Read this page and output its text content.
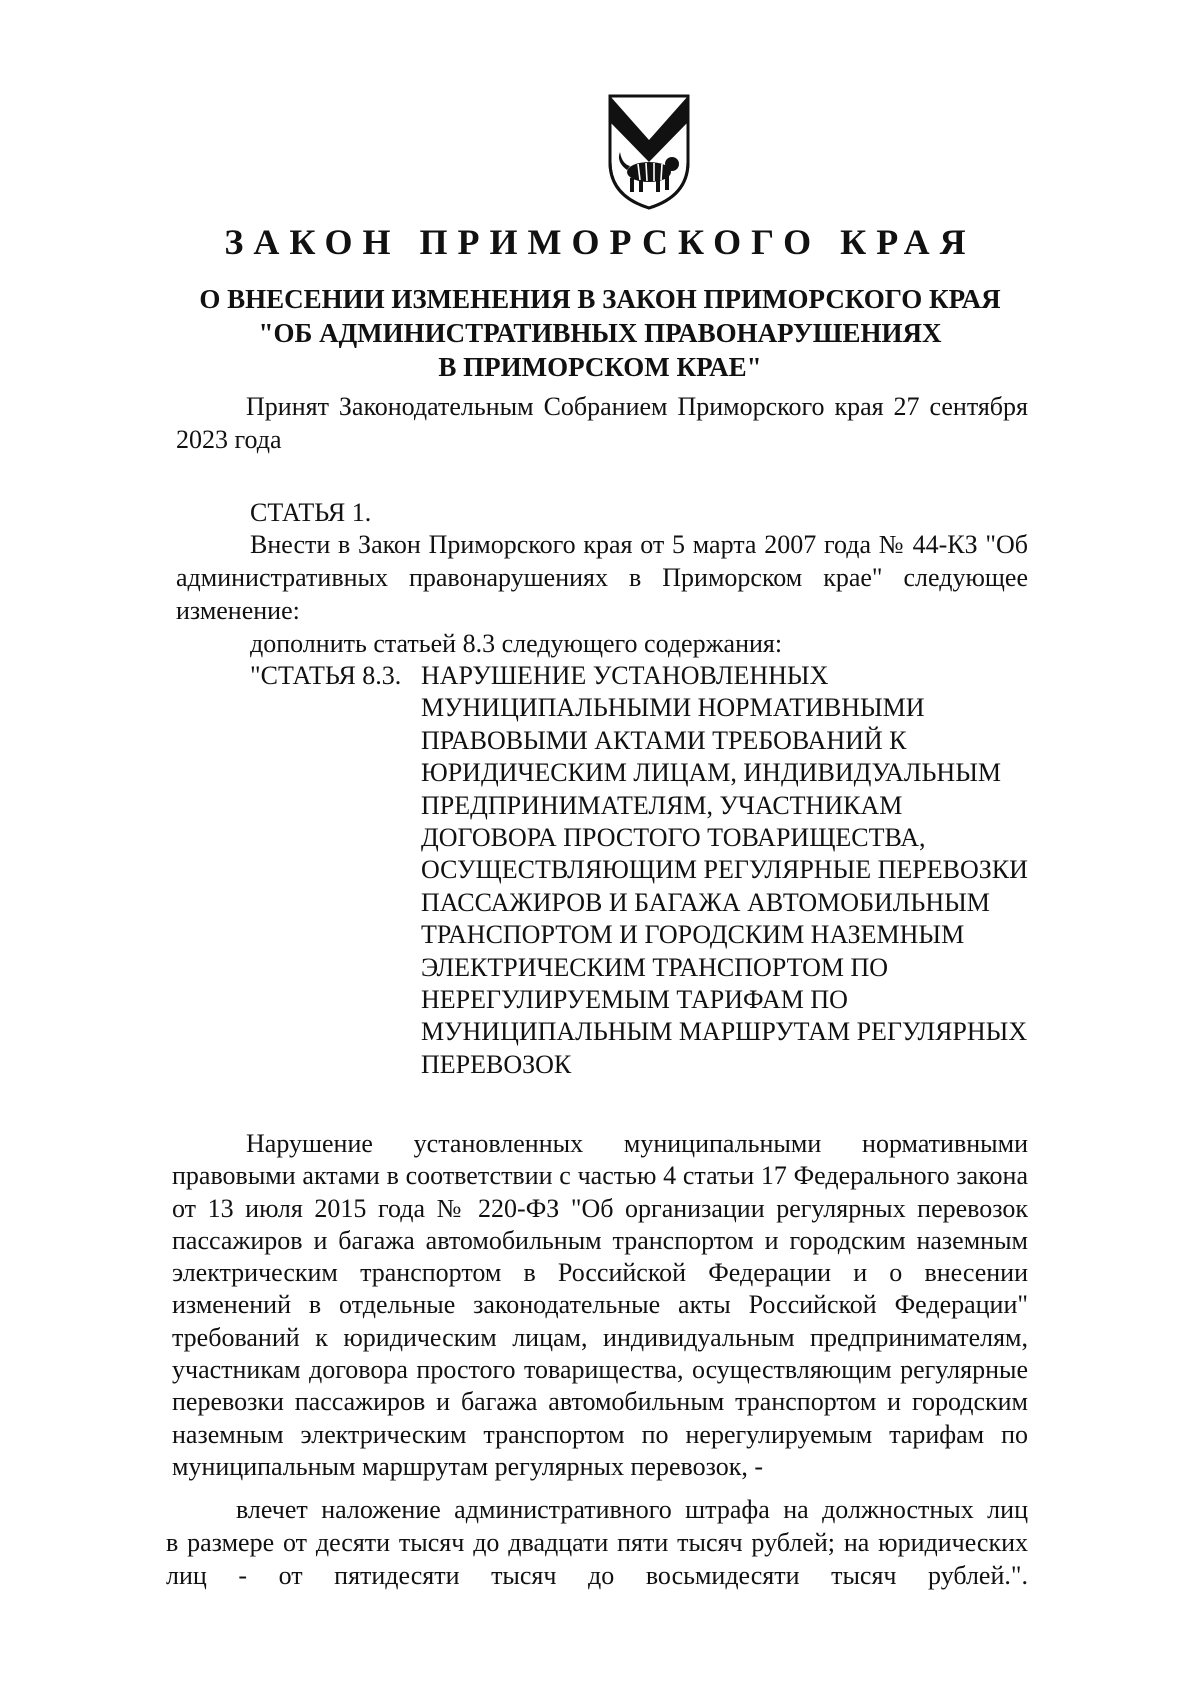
ЗАКОН ПРИМОРСКОГО КРАЯ
О ВНЕСЕНИИ ИЗМЕНЕНИЯ В ЗАКОН ПРИМОРСКОГО КРАЯ
"ОБ АДМИНИСТРАТИВНЫХ ПРАВОНАРУШЕНИЯХ
В ПРИМОРСКОМ КРАЕ"
Принят Законодательным Собранием Приморского края 27 сентября
2023 года
СТАТЬЯ 1.
Внести в Закон Приморского края от 5 марта 2007 года № 44-КЗ "Об
административных правонарушениях в Приморском крае" следующее
изменение:
дополнить статьей 8.3 следующего содержания:
"СТАТЬЯ 8.3. НАРУШЕНИЕ УСТАНОВЛЕННЫХ
МУНИЦИПАЛЬНЫМИ НОРМАТИВНЫМИ
ПРАВОВЫМИ АКТАМИ ТРЕБОВАНИЙ К
ЮРИДИЧЕСКИМ ЛИЦАМ, ИНДИВИДУАЛЬНЫМ
ПРЕДПРИНИМАТЕЛЯМ, УЧАСТНИКАМ
ДОГОВОРА ПРОСТОГО ТОВАРИЩЕСТВА,
ОСУЩЕСТВЛЯЮЩИМ РЕГУЛЯРНЫЕ ПЕРЕВОЗКИ
ПАССАЖИРОВ И БАГАЖА АВТОМОБИЛЬНЫМ
ТРАНСПОРТОМ И ГОРОДСКИМ НАЗЕМНЫМ
ЭЛЕКТРИЧЕСКИМ ТРАНСПОРТОМ ПО
НЕРЕГУЛИРУЕМЫМ ТАРИФАМ ПО
МУНИЦИПАЛЬНЫМ МАРШРУТАМ РЕГУЛЯРНЫХ
ПЕРЕВОЗОК
Нарушение установленных муниципальными нормативными
правовыми актами в соответствии с частью 4 статьи 17 Федерального закона
от 13 июля 2015 года № 220-ФЗ "Об организации регулярных перевозок
пассажиров и багажа автомобильным транспортом и городским наземным
электрическим транспортом в Российской Федерации и о внесении
изменений в отдельные законодательные акты Российской Федерации"
требований к юридическим лицам, индивидуальным предпринимателям,
участникам договора простого товарищества, осуществляющим регулярные
перевозки пассажиров и багажа автомобильным транспортом и городским
наземным электрическим транспортом по нерегулируемым тарифам по
муниципальным маршрутам регулярных перевозок, -
влечет наложение административного штрафа на должностных лиц
в размере от десяти тысяч до двадцати пяти тысяч рублей; на юридических
лиц - от пятидесяти тысяч до восьмидесяти тысяч рублей.".
